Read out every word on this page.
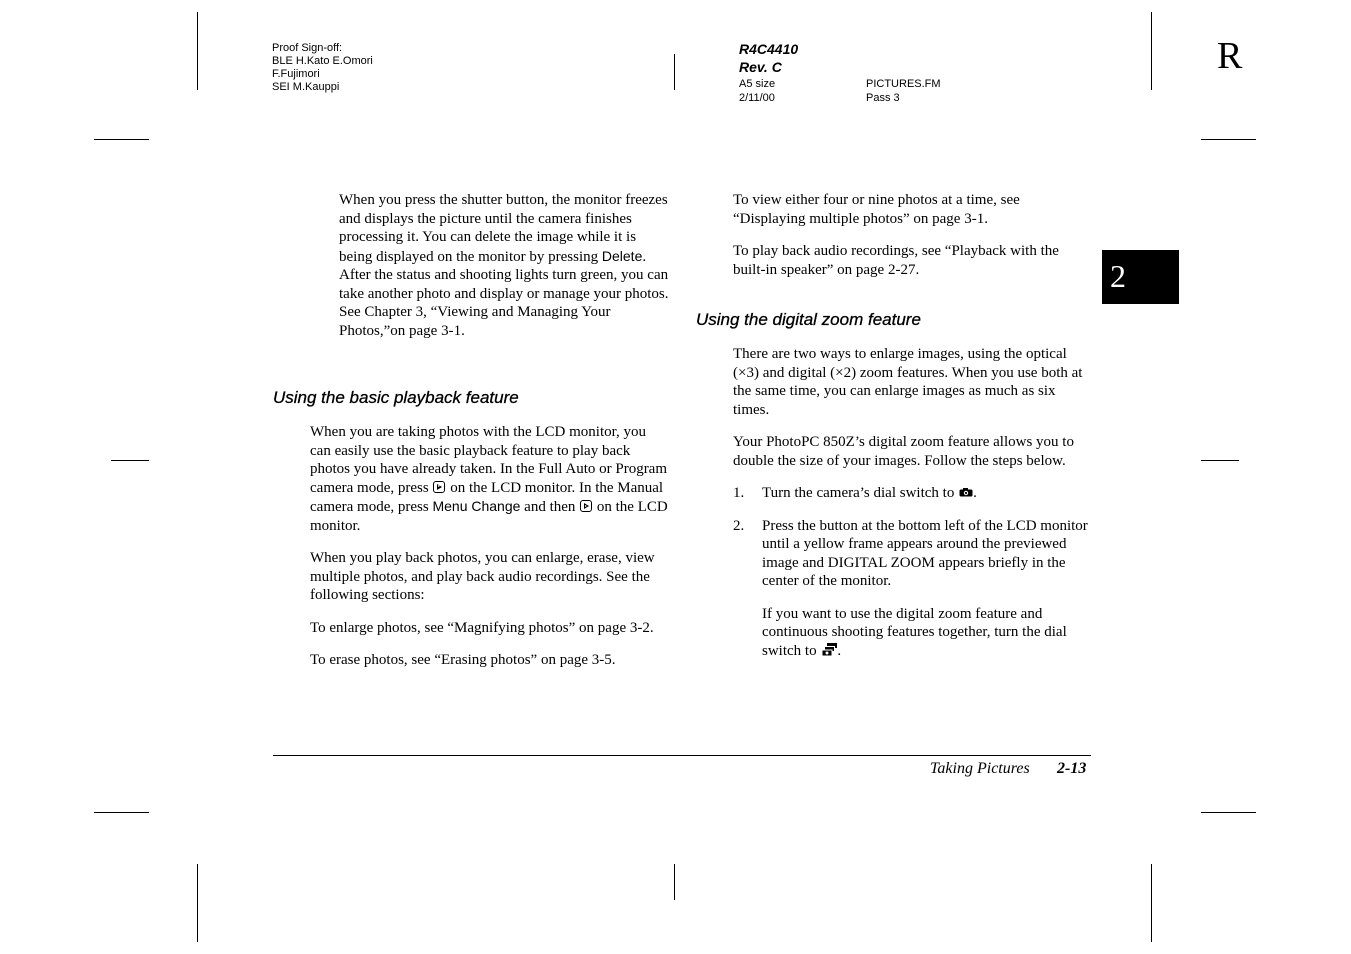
Proof Sign-off:
BLE H.Kato E.Omori
F.Fujimori
SEI M.Kauppi
R4C4410
Rev. C
A5 size
2/11/00
PICTURES.FM
Pass 3
R
2
When you press the shutter button, the monitor freezes and displays the picture until the camera finishes processing it. You can delete the image while it is being displayed on the monitor by pressing Delete. After the status and shooting lights turn green, you can take another photo and display or manage your photos. See Chapter 3, “Viewing and Managing Your Photos,”on page 3-1.
Using the basic playback feature

When you are taking photos with the LCD monitor, you can easily use the basic playback feature to play back photos you have already taken. In the Full Auto or Program camera mode, press
on the LCD monitor. In the Manual camera mode, press Menu Change and then
on the LCD monitor.

When you play back photos, you can enlarge, erase, view multiple photos, and play back audio recordings. See the following sections:

To enlarge photos, see “Magnifying photos” on page 3-2.

To erase photos, see “Erasing photos” on page 3-5.

To view either four or nine photos at a time, see “Displaying multiple photos” on page 3-1.

To play back audio recordings, see “Playback with the built-in speaker” on page 2-27.

Using the digital zoom feature

There are two ways to enlarge images, using the optical (×3) and digital (×2) zoom features. When you use both at the same time, you can enlarge images as much as six times.

Your PhotoPC 850Z’s digital zoom feature allows you to double the size of your images. Follow the steps below.

1. Turn the camera’s dial switch to .
2. Press the button at the bottom left of the LCD monitor until a yellow frame appears around the previewed image and DIGITAL ZOOM appears briefly in the center of the monitor.

If you want to use the digital zoom feature and continuous shooting features together, turn the dial switch to .

Taking Pictures 2-13
